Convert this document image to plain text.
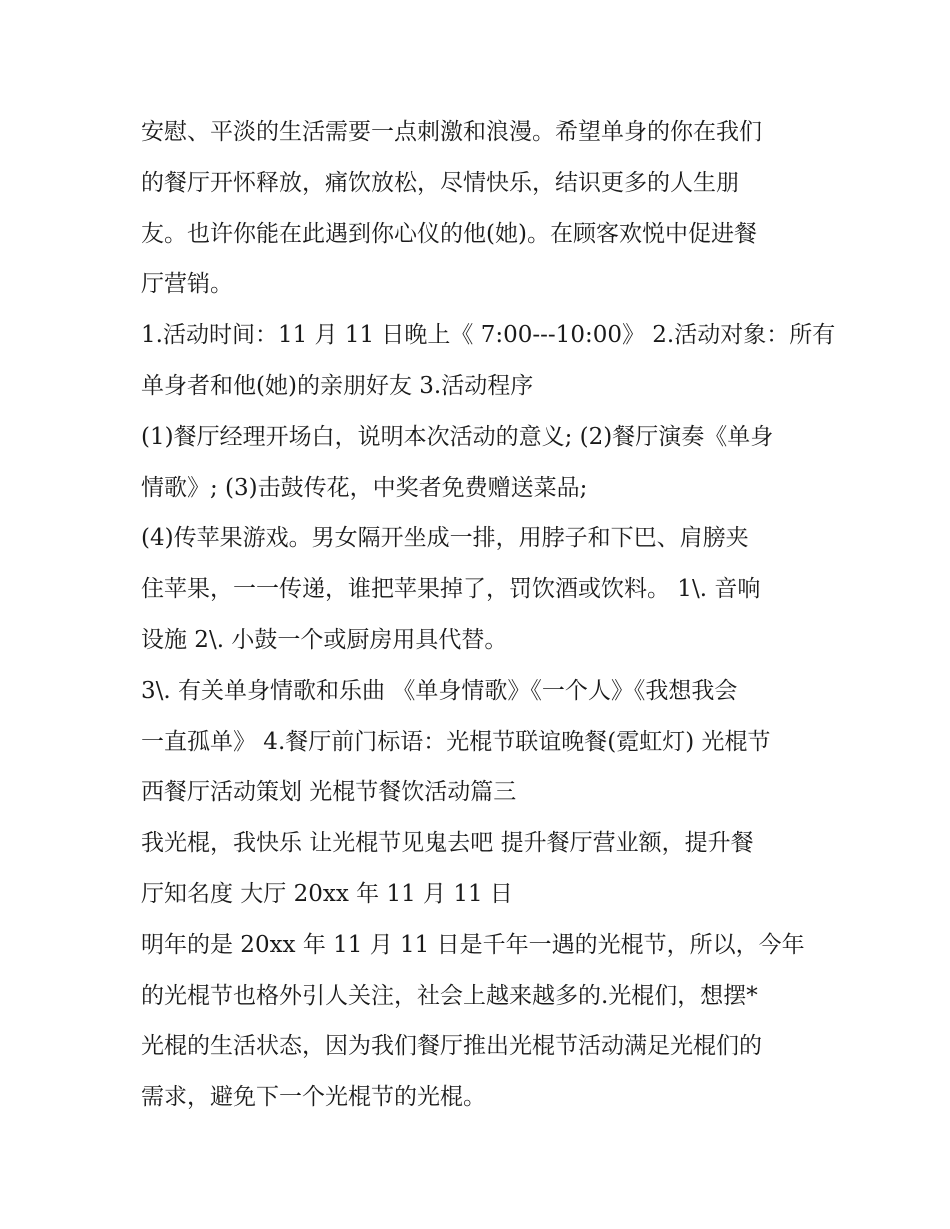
安慰、平淡的生活需要一点刺激和浪漫。希望单身的你在我们
的餐厅开怀释放，痛饮放松，尽情快乐，结识更多的人生朋
友。也许你能在此遇到你心仪的他(她)。在顾客欢悦中促进餐
厅营销。
1.活动时间：11 月 11 日晚上《 7:00---10:00》 2.活动对象：所有
单身者和他(她)的亲朋好友 3.活动程序
(1)餐厅经理开场白，说明本次活动的意义; (2)餐厅演奏《单身
情歌》; (3)击鼓传花，中奖者免费赠送菜品;
(4)传苹果游戏。男女隔开坐成一排，用脖子和下巴、肩膀夹
住苹果，一一传递，谁把苹果掉了，罚饮酒或饮料。 1\. 音响
设施 2\. 小鼓一个或厨房用具代替。
3\. 有关单身情歌和乐曲 《单身情歌》《一个人》《我想我会
一直孤单》 4.餐厅前门标语：光棍节联谊晚餐(霓虹灯) 光棍节
西餐厅活动策划 光棍节餐饮活动篇三
我光棍，我快乐 让光棍节见鬼去吧 提升餐厅营业额，提升餐
厅知名度 大厅 20xx 年 11 月 11 日
明年的是 20xx 年 11 月 11 日是千年一遇的光棍节，所以，今年
的光棍节也格外引人关注，社会上越来越多的.光棍们，想摆*
光棍的生活状态，因为我们餐厅推出光棍节活动满足光棍们的
需求，避免下一个光棍节的光棍。
